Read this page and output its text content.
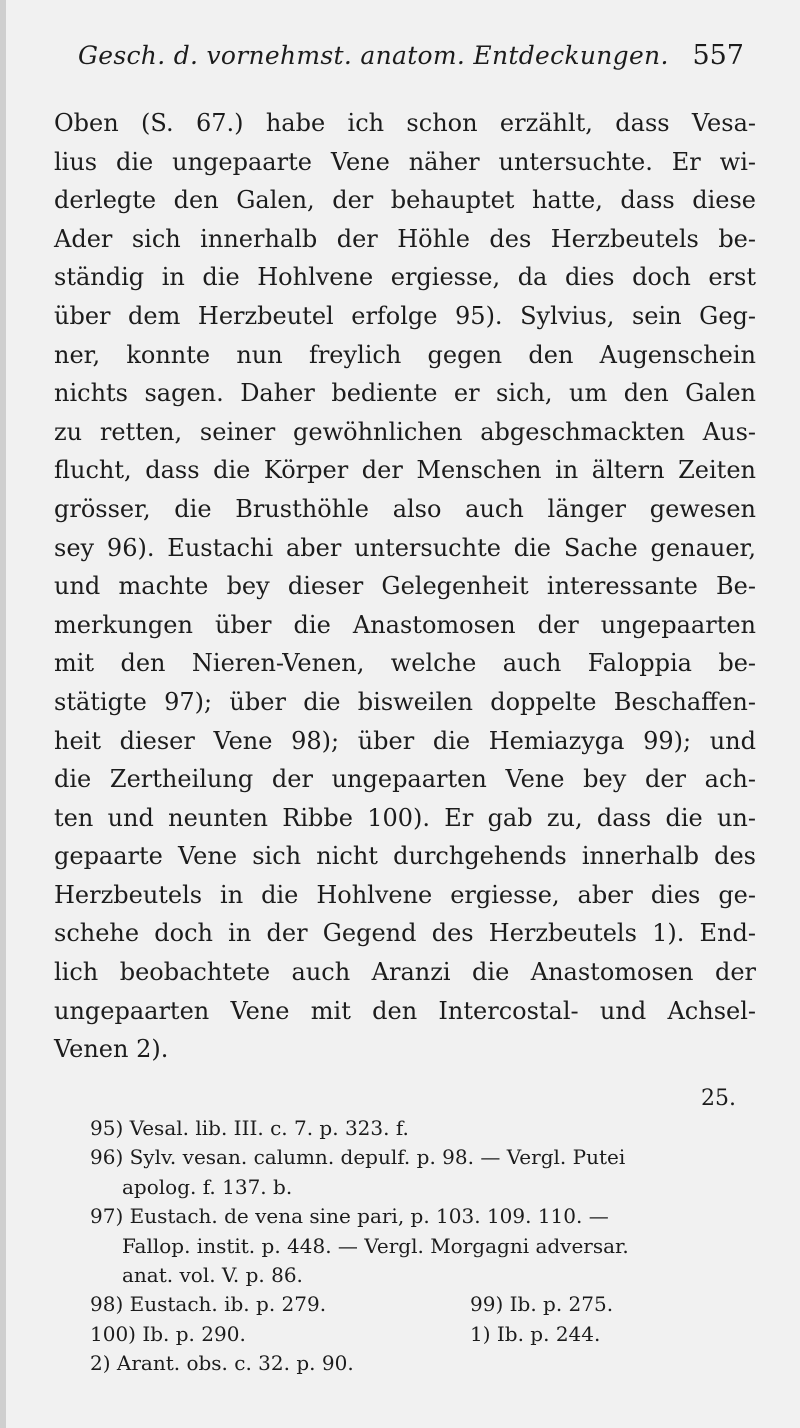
Gesch. d. vornehmst. anatom. Entdeckungen. 557
Oben (S. 67.) habe ich schon erzählt, dass Vesa-
lius die ungepaarte Vene näher untersuchte. Er wi-
derlegte den Galen, der behauptet hatte, dass diese
Ader sich innerhalb der Höhle des Herzbeutels be-
ständig in die Hohlvene ergiesse, da dies doch erst
über dem Herzbeutel erfolge 95). Sylvius, sein Geg-
ner, konnte nun freylich gegen den Augenschein
nichts sagen. Daher bediente er sich, um den Galen
zu retten, seiner gewöhnlichen abgeschmackten Aus-
flucht, dass die Körper der Menschen in ältern Zeiten
grösser, die Brusthöhle also auch länger gewesen
sey 96). Eustachi aber untersuchte die Sache genauer,
und machte bey dieser Gelegenheit interessante Be-
merkungen über die Anastomosen der ungepaarten
mit den Nieren-Venen, welche auch Faloppia be-
stätigte 97); über die bisweilen doppelte Beschaffen-
heit dieser Vene 98); über die Hemiazyga 99); und
die Zertheilung der ungepaarten Vene bey der ach-
ten und neunten Ribbe 100). Er gab zu, dass die un-
gepaarte Vene sich nicht durchgehends innerhalb des
Herzbeutels in die Hohlvene ergiesse, aber dies ge-
schehe doch in der Gegend des Herzbeutels 1). End-
lich beobachtete auch Aranzi die Anastomosen der
ungepaarten Vene mit den Intercostal- und Achsel-
Venen 2).
25.
95) Vesal. lib. III. c. 7. p. 323. f.
96) Sylv. vesan. calumn. depulf. p. 98. — Vergl. Putei
apolog. f. 137. b.
97) Eustach. de vena sine pari, p. 103. 109. 110. —
Fallop. instit. p. 448. — Vergl. Morgagni adversar.
anat. vol. V. p. 86.
98) Eustach. ib. p. 279.	99) Ib. p. 275.
100) Ib. p. 290.	1) Ib. p. 244.
2) Arant. obs. c. 32. p. 90.
